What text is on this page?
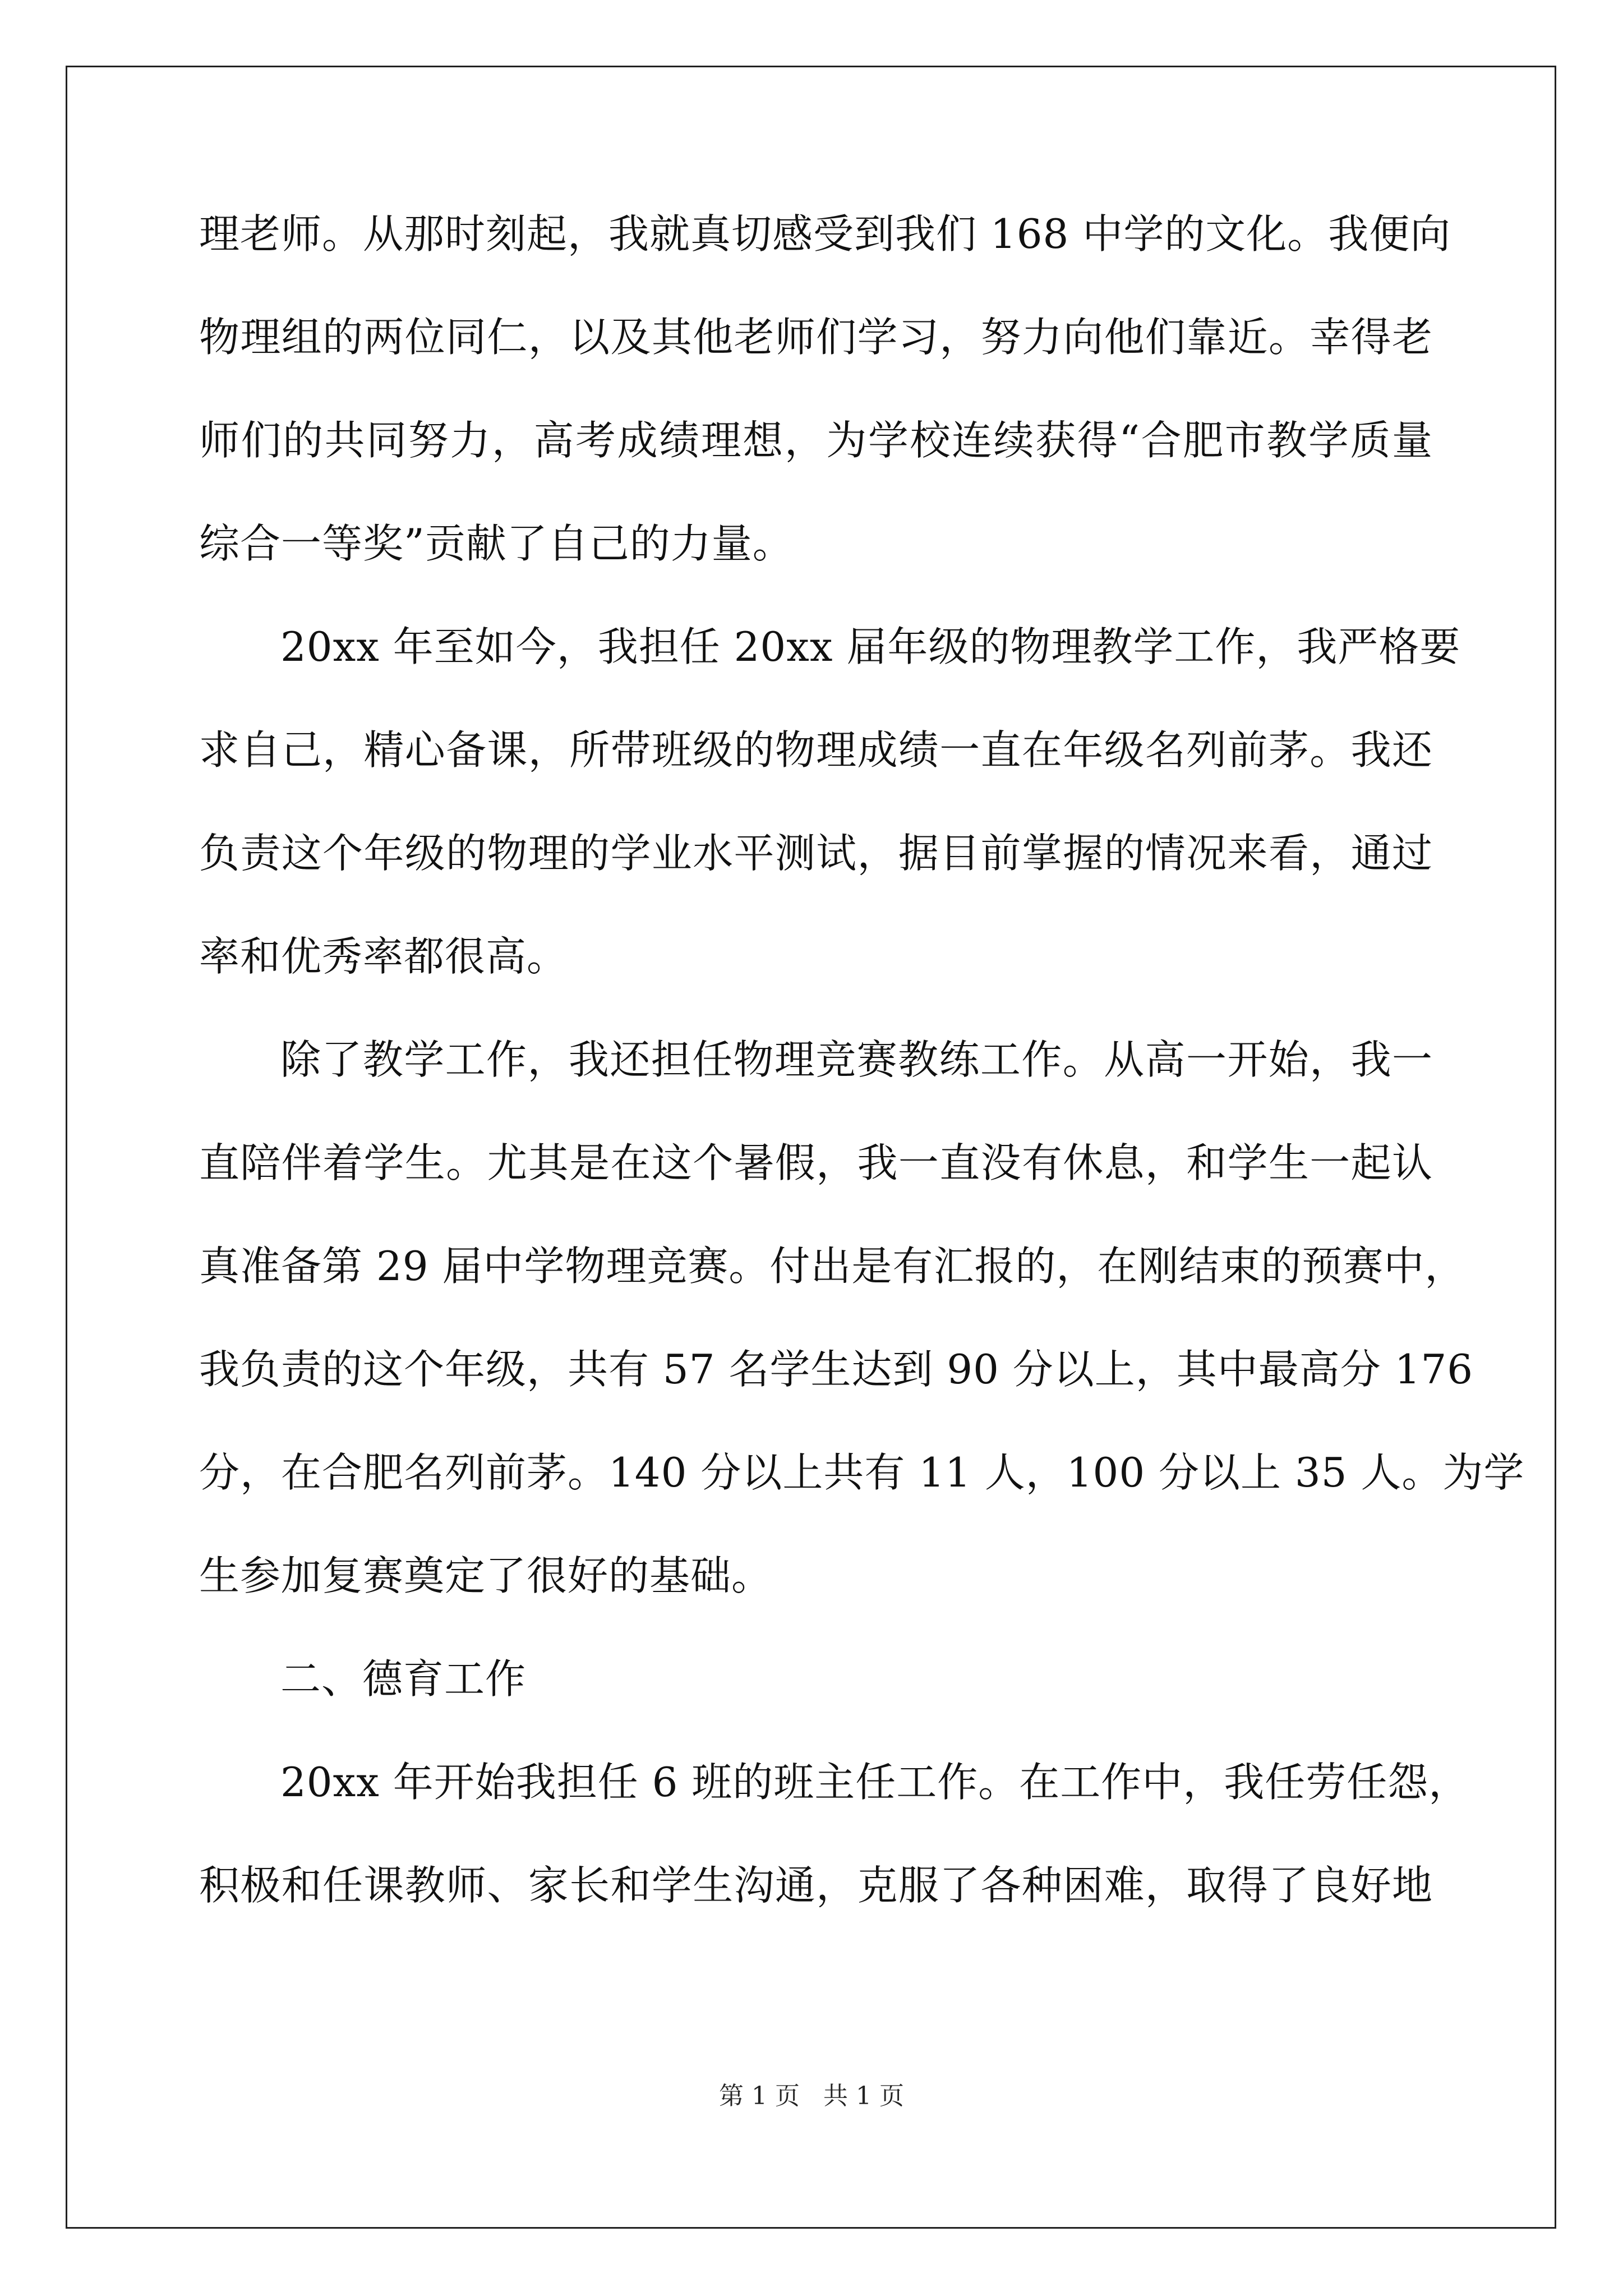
理老师。从那时刻起，我就真切感受到我们 168 中学的文化。我便向
物理组的两位同仁，以及其他老师们学习，努力向他们靠近。幸得老
师们的共同努力，高考成绩理想，为学校连续获得“合肥市教学质量
综合一等奖”贡献了自己的力量。
20xx 年至如今，我担任 20xx 届年级的物理教学工作，我严格要
求自己，精心备课，所带班级的物理成绩一直在年级名列前茅。我还
负责这个年级的物理的学业水平测试，据目前掌握的情况来看，通过
率和优秀率都很高。
除了教学工作，我还担任物理竞赛教练工作。从高一开始，我一
直陪伴着学生。尤其是在这个暑假，我一直没有休息，和学生一起认
真准备第 29 届中学物理竞赛。付出是有汇报的，在刚结束的预赛中，
我负责的这个年级，共有 57 名学生达到 90 分以上，其中最高分 176
分，在合肥名列前茅。140 分以上共有 11 人，100 分以上 35 人。为学
生参加复赛奠定了很好的基础。
二、德育工作
20xx 年开始我担任 6 班的班主任工作。在工作中，我任劳任怨，
积极和任课教师、家长和学生沟通，克服了各种困难，取得了良好地
第 1 页 共 1 页
